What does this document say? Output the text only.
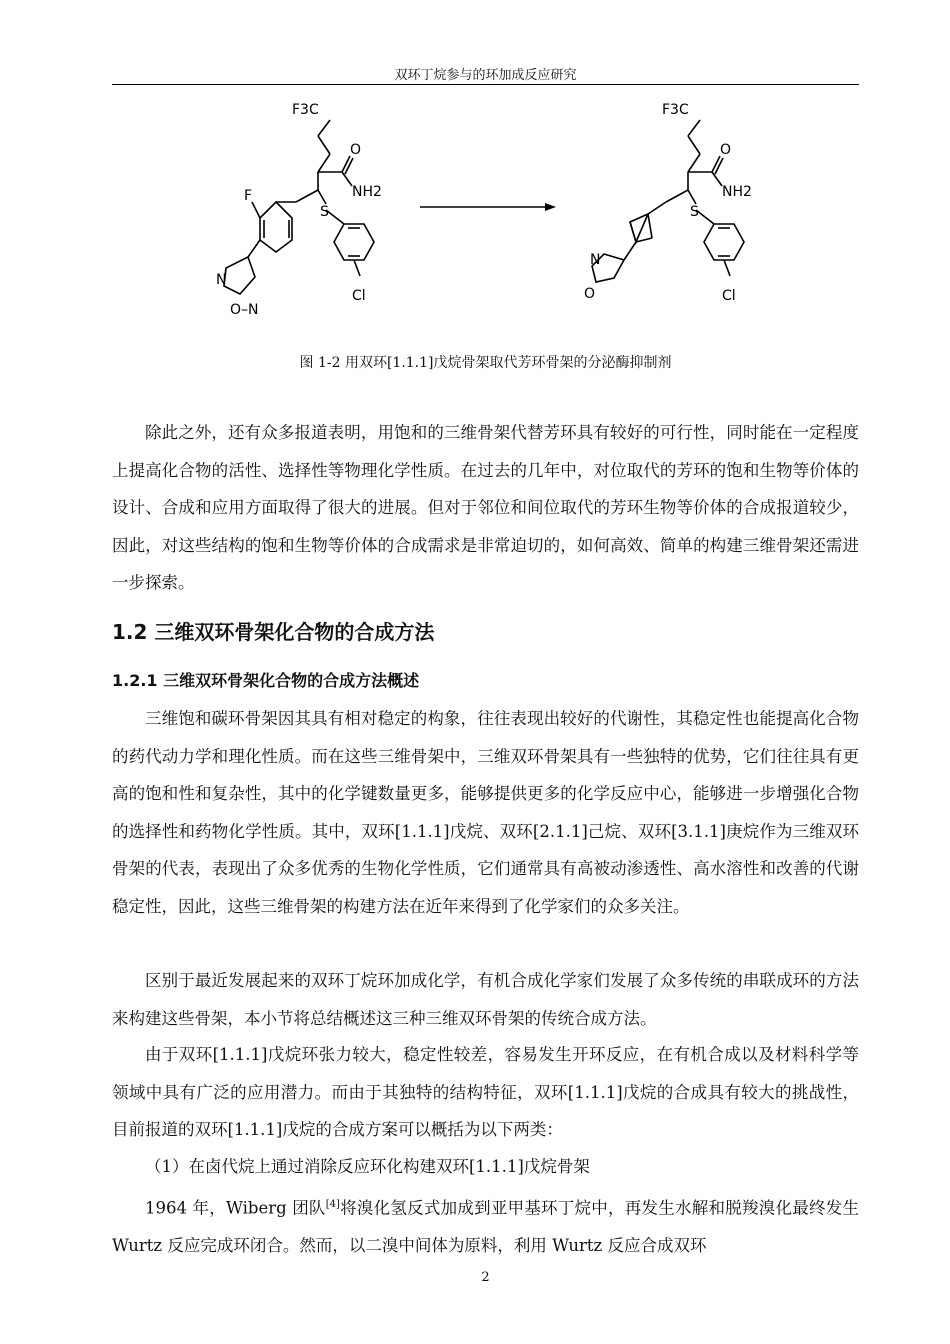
双环丁烷参与的环加成反应研究
F3C
O
NH2
F
S
Cl
N
O–N
F3C
O
NH2
S
Cl
N
O
图 1-2 用双环[1.1.1]戊烷骨架取代芳环骨架的分泌酶抑制剂

除此之外，还有众多报道表明，用饱和的三维骨架代替芳环具有较好的可行性，同时能在一定程度上提高化合物的活性、选择性等物理化学性质。在过去的几年中，对位取代的芳环的饱和生物等价体的设计、合成和应用方面取得了很大的进展。但对于邻位和间位取代的芳环生物等价体的合成报道较少，因此，对这些结构的饱和生物等价体的合成需求是非常迫切的，如何高效、简单的构建三维骨架还需进一步探索。

1.2 三维双环骨架化合物的合成方法
1.2.1 三维双环骨架化合物的合成方法概述

三维饱和碳环骨架因其具有相对稳定的构象，往往表现出较好的代谢性，其稳定性也能提高化合物的药代动力学和理化性质。而在这些三维骨架中，三维双环骨架具有一些独特的优势，它们往往具有更高的饱和性和复杂性，其中的化学键数量更多，能够提供更多的化学反应中心，能够进一步增强化合物的选择性和药物化学性质。其中，双环[1.1.1]戊烷、双环[2.1.1]己烷、双环[3.1.1]庚烷作为三维双环骨架的代表，表现出了众多优秀的生物化学性质，它们通常具有高被动渗透性、高水溶性和改善的代谢稳定性，因此，这些三维骨架的构建方法在近年来得到了化学家们的众多关注。

区别于最近发展起来的双环丁烷环加成化学，有机合成化学家们发展了众多传统的串联成环的方法来构建这些骨架，本小节将总结概述这三种三维双环骨架的传统合成方法。

由于双环[1.1.1]戊烷环张力较大，稳定性较差，容易发生开环反应，在有机合成以及材料科学等领域中具有广泛的应用潜力。而由于其独特的结构特征，双环[1.1.1]戊烷的合成具有较大的挑战性，目前报道的双环[1.1.1]戊烷的合成方案可以概括为以下两类：

（1）在卤代烷上通过消除反应环化构建双环[1.1.1]戊烷骨架

1964 年，Wiberg 团队[4]将溴化氢反式加成到亚甲基环丁烷中，再发生水解和脱羧溴化最终发生 Wurtz 反应完成环闭合。然而，以二溴中间体为原料，利用 Wurtz 反应合成双环

2
